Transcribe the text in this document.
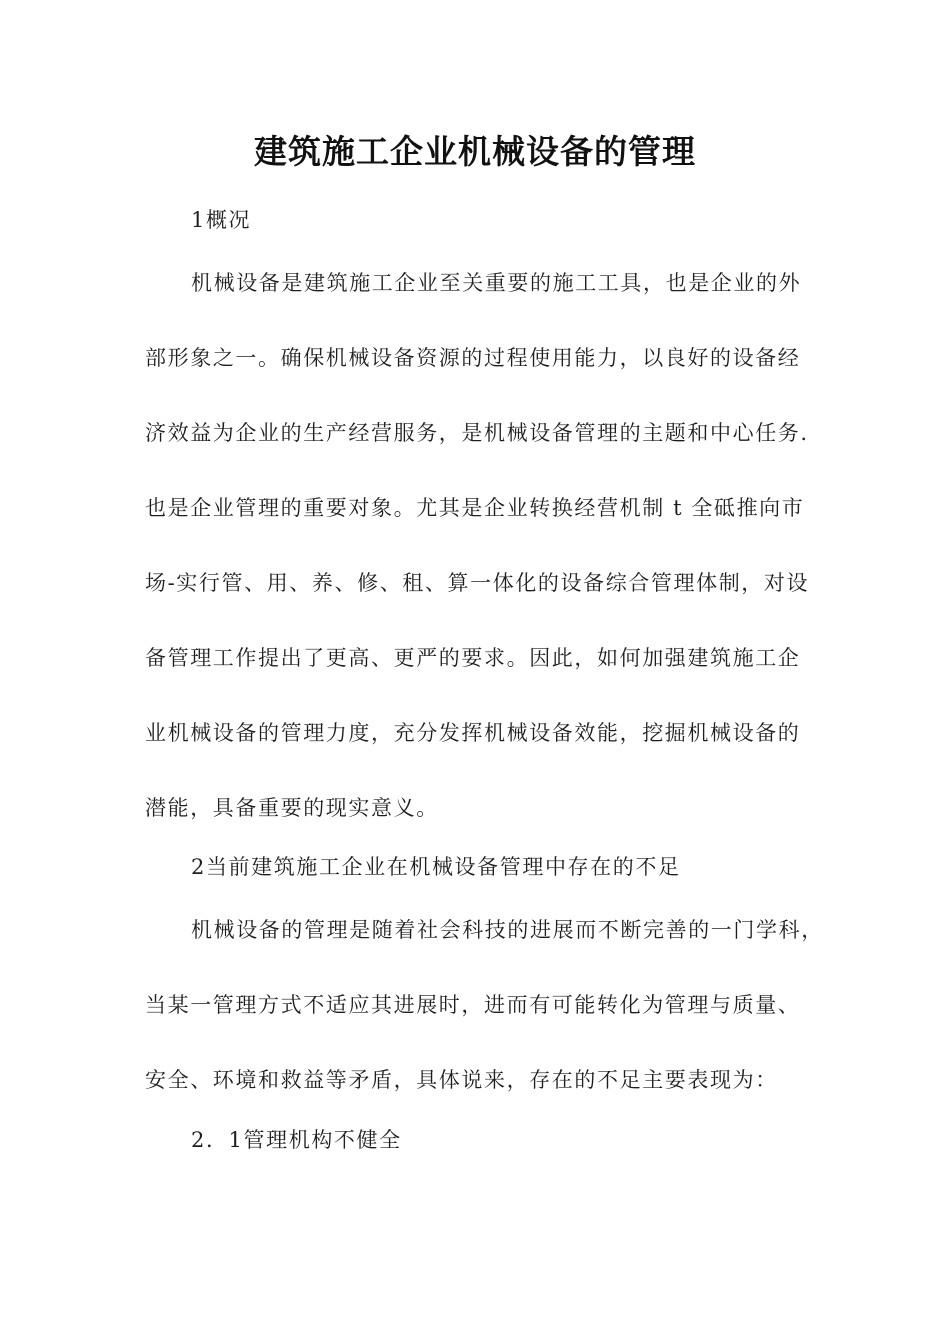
建筑施工企业机械设备的管理
1概况
机械设备是建筑施工企业至关重要的施工工具，也是企业的外
部形象之一。确保机械设备资源的过程使用能力，以良好的设备经
济效益为企业的生产经营服务，是机械设备管理的主题和中心任务.
也是企业管理的重要对象。尤其是企业转换经营机制 t 全砥推向市
场-实行管、用、养、修、租、算一体化的设备综合管理体制，对设
备管理工作提出了更高、更严的要求。因此，如何加强建筑施工企
业机械设备的管理力度，充分发挥机械设备效能，挖掘机械设备的
潜能，具备重要的现实意义。
2当前建筑施工企业在机械设备管理中存在的不足
机械设备的管理是随着社会科技的进展而不断完善的一门学科，
当某一管理方式不适应其进展时，进而有可能转化为管理与质量、
安全、环境和救益等矛盾，具体说来，存在的不足主要表现为：
2．1管理机构不健全
